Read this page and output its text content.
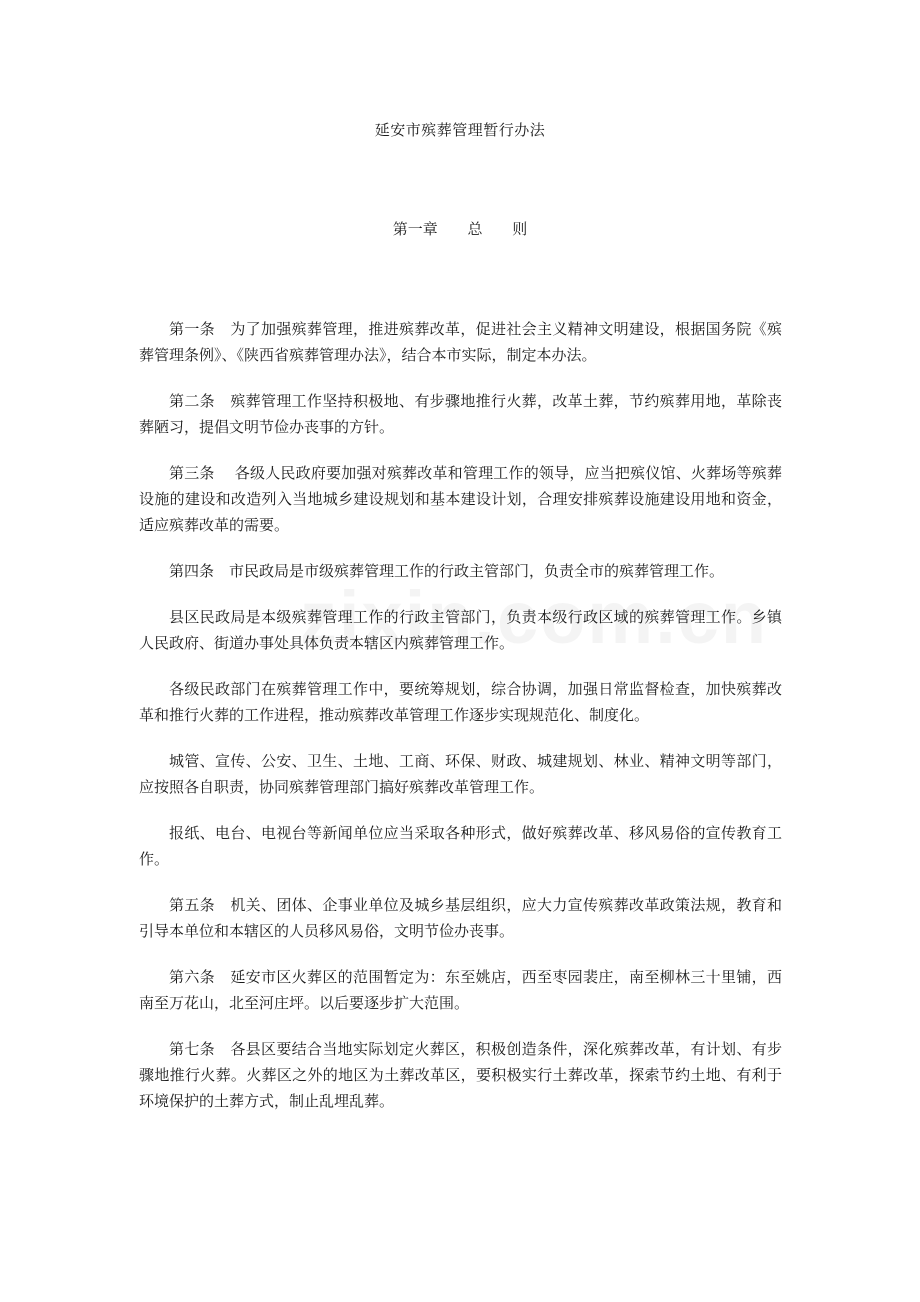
延安市殡葬管理暂行办法
第一章　 总　 则

第一条　为了加强殡葬管理，推进殡葬改革，促进社会主义精神文明建设，根据国务院《殡葬管理条例》、《陕西省殡葬管理办法》，结合本市实际，制定本办法。

第二条　殡葬管理工作坚持积极地、有步骤地推行火葬，改革土葬，节约殡葬用地，革除丧葬陋习，提倡文明节俭办丧事的方针。

第三条　 各级人民政府要加强对殡葬改革和管理工作的领导，应当把殡仪馆、火葬场等殡葬设施的建设和改造列入当地城乡建设规划和基本建设计划，合理安排殡葬设施建设用地和资金，适应殡葬改革的需要。

第四条　市民政局是市级殡葬管理工作的行政主管部门，负责全市的殡葬管理工作。

县区民政局是本级殡葬管理工作的行政主管部门，负责本级行政区域的殡葬管理工作。乡镇人民政府、街道办事处具体负责本辖区内殡葬管理工作。

各级民政部门在殡葬管理工作中，要统筹规划，综合协调，加强日常监督检查，加快殡葬改革和推行火葬的工作进程，推动殡葬改革管理工作逐步实现规范化、制度化。

城管、宣传、公安、卫生、土地、工商、环保、财政、城建规划、林业、精神文明等部门，应按照各自职责，协同殡葬管理部门搞好殡葬改革管理工作。

报纸、电台、电视台等新闻单位应当采取各种形式，做好殡葬改革、移风易俗的宣传教育工作。

第五条　机关、团体、企事业单位及城乡基层组织，应大力宣传殡葬改革政策法规，教育和引导本单位和本辖区的人员移风易俗，文明节俭办丧事。

第六条　延安市区火葬区的范围暂定为：东至姚店，西至枣园裴庄，南至柳林三十里铺，西南至万花山，北至河庄坪。以后要逐步扩大范围。

第七条　各县区要结合当地实际划定火葬区，积极创造条件，深化殡葬改革，有计划、有步骤地推行火葬。火葬区之外的地区为土葬改革区，要积极实行土葬改革，探索节约土地、有利于环境保护的土葬方式，制止乱埋乱葬。
